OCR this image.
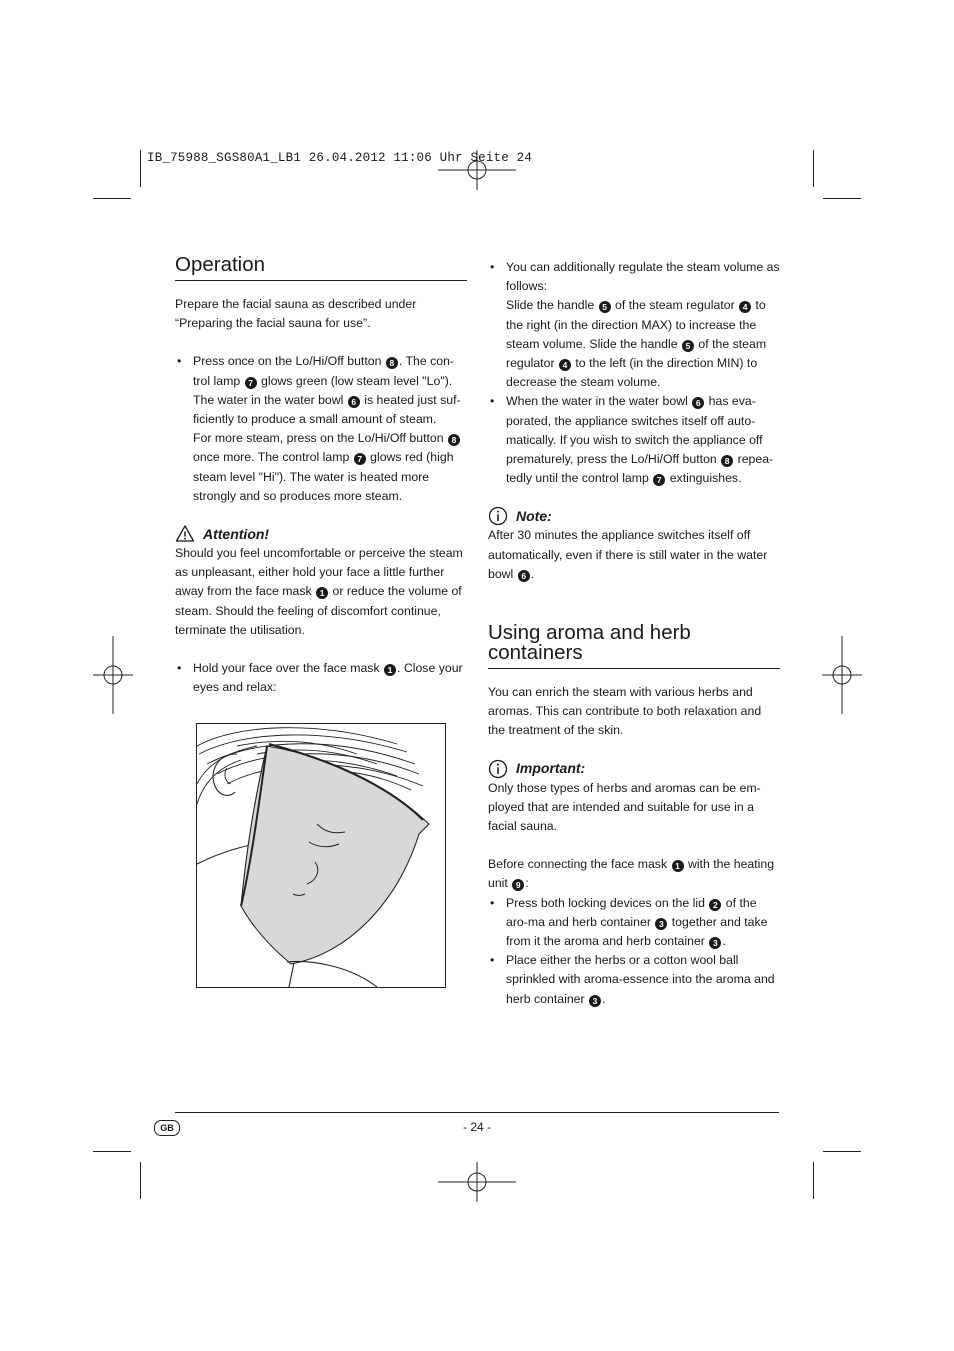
IB_75988_SGS80A1_LB1 26.04.2012 11:06 Uhr Seite 24
Operation

Prepare the facial sauna as described under “Preparing the facial sauna for use”.

• Press once on the Lo/Hi/Off button 8 . The con-trol lamp 7 glows green (low steam level "Lo"). The water in the water bowl 6 is heated just suf-ficiently to produce a small amount of steam.
For more steam, press on the Lo/Hi/Off button 8 once more. The control lamp 7 glows red (high steam level "Hi"). The water is heated more strongly and so produces more steam.
Attention!

Should you feel uncomfortable or perceive the steam as unpleasant, either hold your face a little further away from the face mask 1 or reduce the volume of steam. Should the feeling of discomfort continue, terminate the utilisation.

• Hold your face over the face mask 1 . Close your eyes and relax:
• You can additionally regulate the steam volume as follows:
Slide the handle 5 of the steam regulator 4 to the right (in the direction MAX) to increase the steam volume. Slide the handle 5 of the steam regulator 4 to the left (in the direction MIN) to decrease the steam volume.
• When the water in the water bowl 6 has eva-porated, the appliance switches itself off auto-matically. If you wish to switch the appliance off prematurely, press the Lo/Hi/Off button 8 repea-tedly until the control lamp 7 extinguishes.
Note:

After 30 minutes the appliance switches itself off automatically, even if there is still water in the water bowl 6 .

Using aroma and herb containers

You can enrich the steam with various herbs and aromas. This can contribute to both relaxation and the treatment of the skin.

Important:

Only those types of herbs and aromas can be em-ployed that are intended and suitable for use in a facial sauna.

Before connecting the face mask 1 with the heating unit 9 :

• Press both locking devices on the lid 2 of the aro-ma and herb container 3 together and take from it the aroma and herb container 3 .
• Place either the herbs or a cotton wool ball sprinkled with aroma-essence into the aroma and herb container 3 .
GB	- 24 -
